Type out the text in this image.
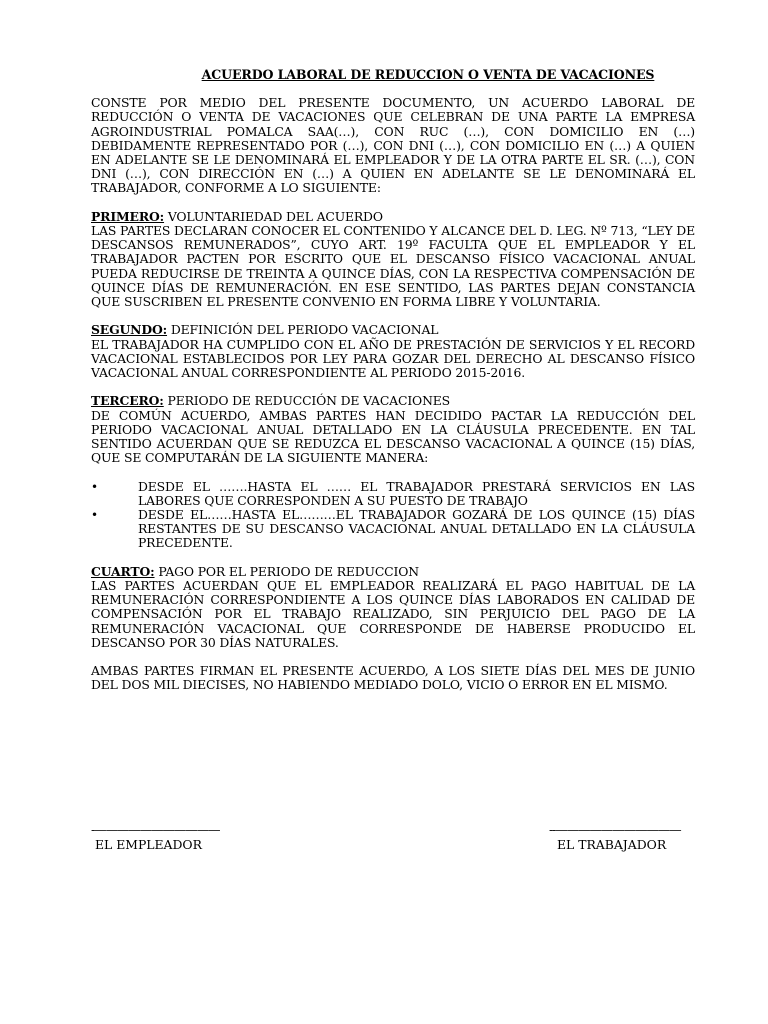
ACUERDO LABORAL DE REDUCCION O VENTA DE VACACIONES

CONSTE POR MEDIO DEL PRESENTE DOCUMENTO, UN ACUERDO LABORAL DE REDUCCIÓN O VENTA DE VACACIONES QUE CELEBRAN DE UNA PARTE LA EMPRESA AGROINDUSTRIAL POMALCA SAA(…), CON RUC (…), CON DOMICILIO EN (…) DEBIDAMENTE REPRESENTADO POR (…), CON DNI (…), CON DOMICILIO EN (…) A QUIEN EN ADELANTE SE LE DENOMINARÁ EL EMPLEADOR Y DE LA OTRA PARTE EL SR. (…), CON DNI (…), CON DIRECCIÓN EN (…) A QUIEN EN ADELANTE SE LE DENOMINARÁ EL TRABAJADOR, CONFORME A LO SIGUIENTE:

PRIMERO: VOLUNTARIEDAD DEL ACUERDO

LAS PARTES DECLARAN CONOCER EL CONTENIDO Y ALCANCE DEL D. LEG. Nº 713, “LEY DE DESCANSOS REMUNERADOS”, CUYO ART. 19º FACULTA QUE EL EMPLEADOR Y EL TRABAJADOR PACTEN POR ESCRITO QUE EL DESCANSO FÍSICO VACACIONAL ANUAL PUEDA REDUCIRSE DE TREINTA A QUINCE DÍAS, CON LA RESPECTIVA COMPENSACIÓN DE QUINCE DÍAS DE REMUNERACIÓN. EN ESE SENTIDO, LAS PARTES DEJAN CONSTANCIA QUE SUSCRIBEN EL PRESENTE CONVENIO EN FORMA LIBRE Y VOLUNTARIA.

SEGUNDO: DEFINICIÓN DEL PERIODO VACACIONAL

EL TRABAJADOR HA CUMPLIDO CON EL AÑO DE PRESTACIÓN DE SERVICIOS Y EL RECORD VACACIONAL ESTABLECIDOS POR LEY PARA GOZAR DEL DERECHO AL DESCANSO FÍSICO VACACIONAL ANUAL CORRESPONDIENTE AL PERIODO 2015-2016.

TERCERO: PERIODO DE REDUCCIÓN DE VACACIONES

DE COMÚN ACUERDO, AMBAS PARTES HAN DECIDIDO PACTAR LA REDUCCIÓN DEL PERIODO VACACIONAL ANUAL DETALLADO EN LA CLÁUSULA PRECEDENTE. EN TAL SENTIDO ACUERDAN QUE SE REDUZCA EL DESCANSO VACACIONAL A QUINCE (15) DÍAS, QUE SE COMPUTARÁN DE LA SIGUIENTE MANERA:

•	DESDE EL …….HASTA EL …… EL TRABAJADOR PRESTARÁ SERVICIOS EN LAS LABORES QUE CORRESPONDEN A SU PUESTO DE TRABAJO
•	DESDE EL……HASTA EL………EL TRABAJADOR GOZARÁ DE LOS QUINCE (15) DÍAS RESTANTES DE SU DESCANSO VACACIONAL ANUAL DETALLADO EN LA CLÁUSULA PRECEDENTE.
CUARTO: PAGO POR EL PERIODO DE REDUCCION

LAS PARTES ACUERDAN QUE EL EMPLEADOR REALIZARÁ EL PAGO HABITUAL DE LA REMUNERACIÓN CORRESPONDIENTE A LOS QUINCE DÍAS LABORADOS EN CALIDAD DE COMPENSACIÓN POR EL TRABAJO REALIZADO, SIN PERJUICIO DEL PAGO DE LA REMUNERACIÓN VACACIONAL QUE CORRESPONDE DE HABERSE PRODUCIDO EL DESCANSO POR 30 DÍAS NATURALES.

AMBAS PARTES FIRMAN EL PRESENTE ACUERDO, A LOS SIETE DÍAS DEL MES DE JUNIO DEL DOS MIL DIECISES, NO HABIENDO MEDIADO DOLO, VICIO O ERROR EN EL MISMO.

-———————————
EL EMPLEADOR
--———————————
EL TRABAJADOR
